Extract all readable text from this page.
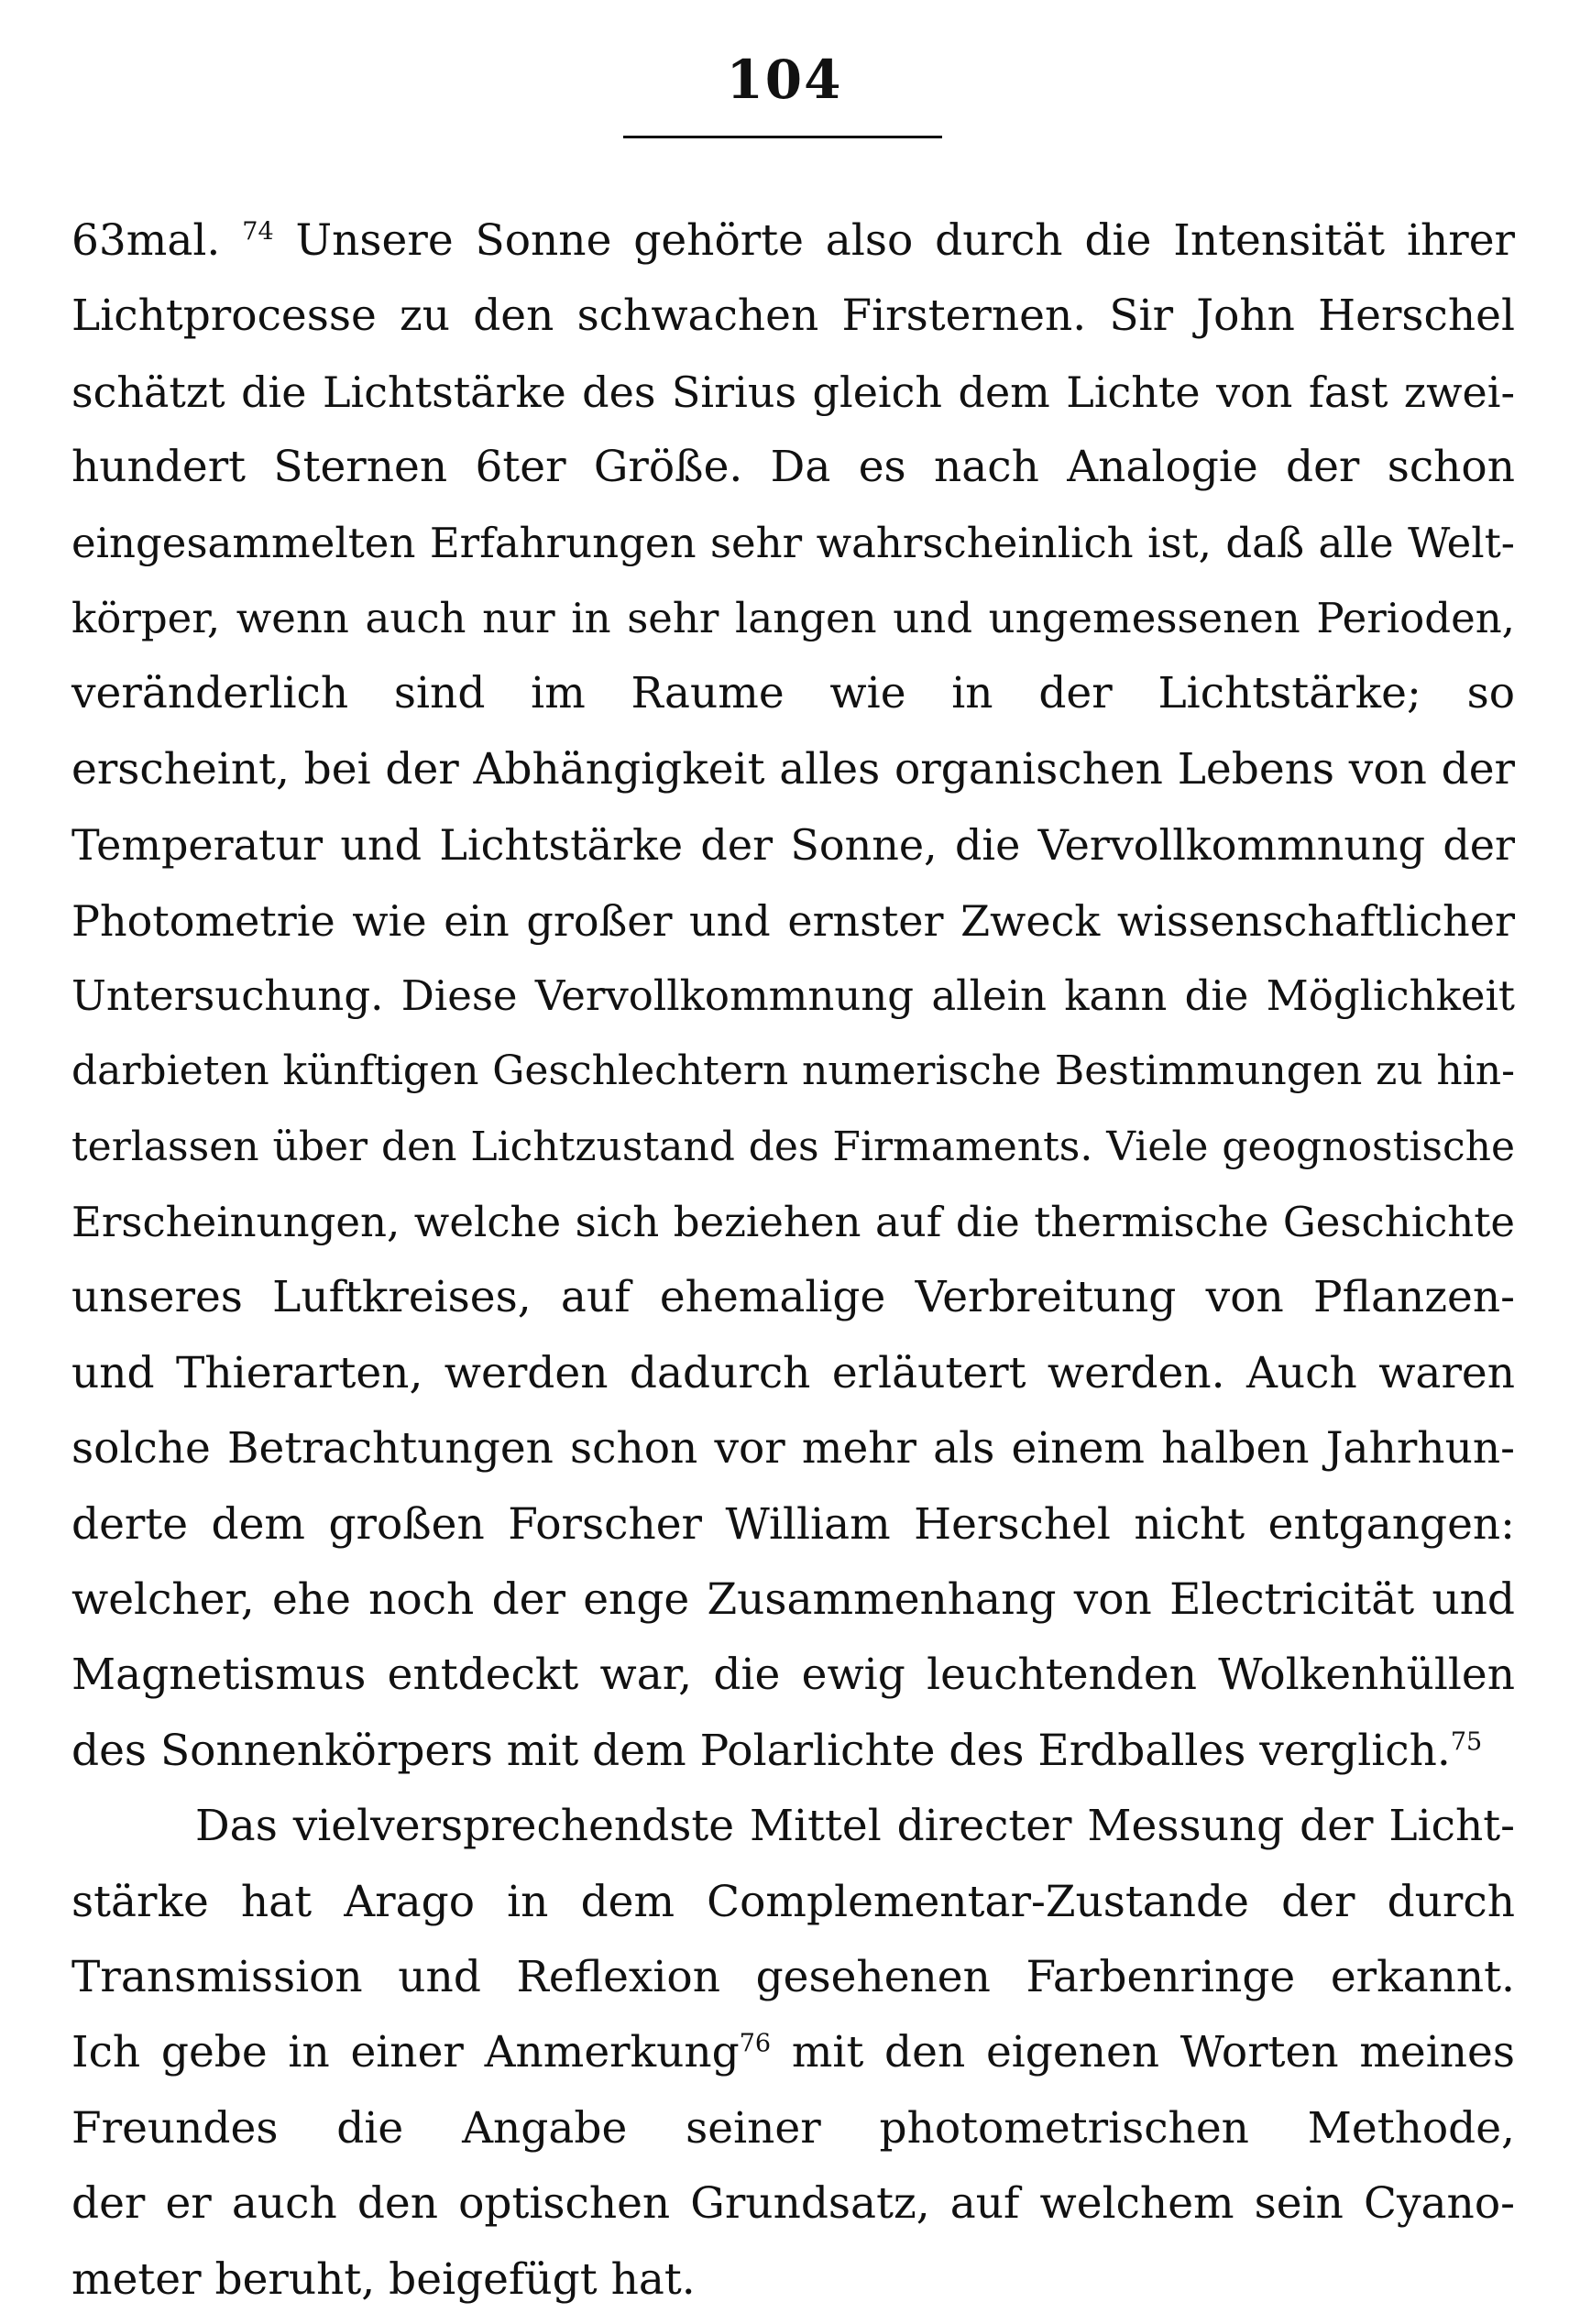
104
63mal. $^{74}$ Unsere Sonne gehörte also durch die Intensität ihrer
Lichtprocesse zu den schwachen Firsternen. Sir John Herschel
schätzt die Lichtstärke des Sirius gleich dem Lichte von fast zwei-
hundert Sternen 6ter Größe. Da es nach Analogie der schon
eingesammelten Erfahrungen sehr wahrscheinlich ist, daß alle Welt-
körper, wenn auch nur in sehr langen und ungemessenen Perioden,
veränderlich sind im Raume wie in der Lichtstärke; so
erscheint, bei der Abhängigkeit alles organischen Lebens von der
Temperatur und Lichtstärke der Sonne, die Vervollkommnung der
Photometrie wie ein großer und ernster Zweck wissenschaftlicher
Untersuchung. Diese Vervollkommnung allein kann die Möglichkeit
darbieten künftigen Geschlechtern numerische Bestimmungen zu hin-
terlassen über den Lichtzustand des Firmaments. Viele geognostische
Erscheinungen, welche sich beziehen auf die thermische Geschichte
unseres Luftkreises, auf ehemalige Verbreitung von Pflanzen-
und Thierarten, werden dadurch erläutert werden. Auch waren
solche Betrachtungen schon vor mehr als einem halben Jahrhun-
derte dem großen Forscher William Herschel nicht entgangen:
welcher, ehe noch der enge Zusammenhang von Electricität und
Magnetismus entdeckt war, die ewig leuchtenden Wolkenhüllen
des Sonnenkörpers mit dem Polarlichte des Erdballes verglich.$^{75}$
Das vielversprechendste Mittel directer Messung der Licht-
stärke hat Arago in dem Complementar-Zustande der durch
Transmission und Reflexion gesehenen Farbenringe erkannt.
Ich gebe in einer Anmerkung$^{76}$ mit den eigenen Worten meines
Freundes die Angabe seiner photometrischen Methode,
der er auch den optischen Grundsatz, auf welchem sein Cyano-
meter beruht, beigefügt hat.
